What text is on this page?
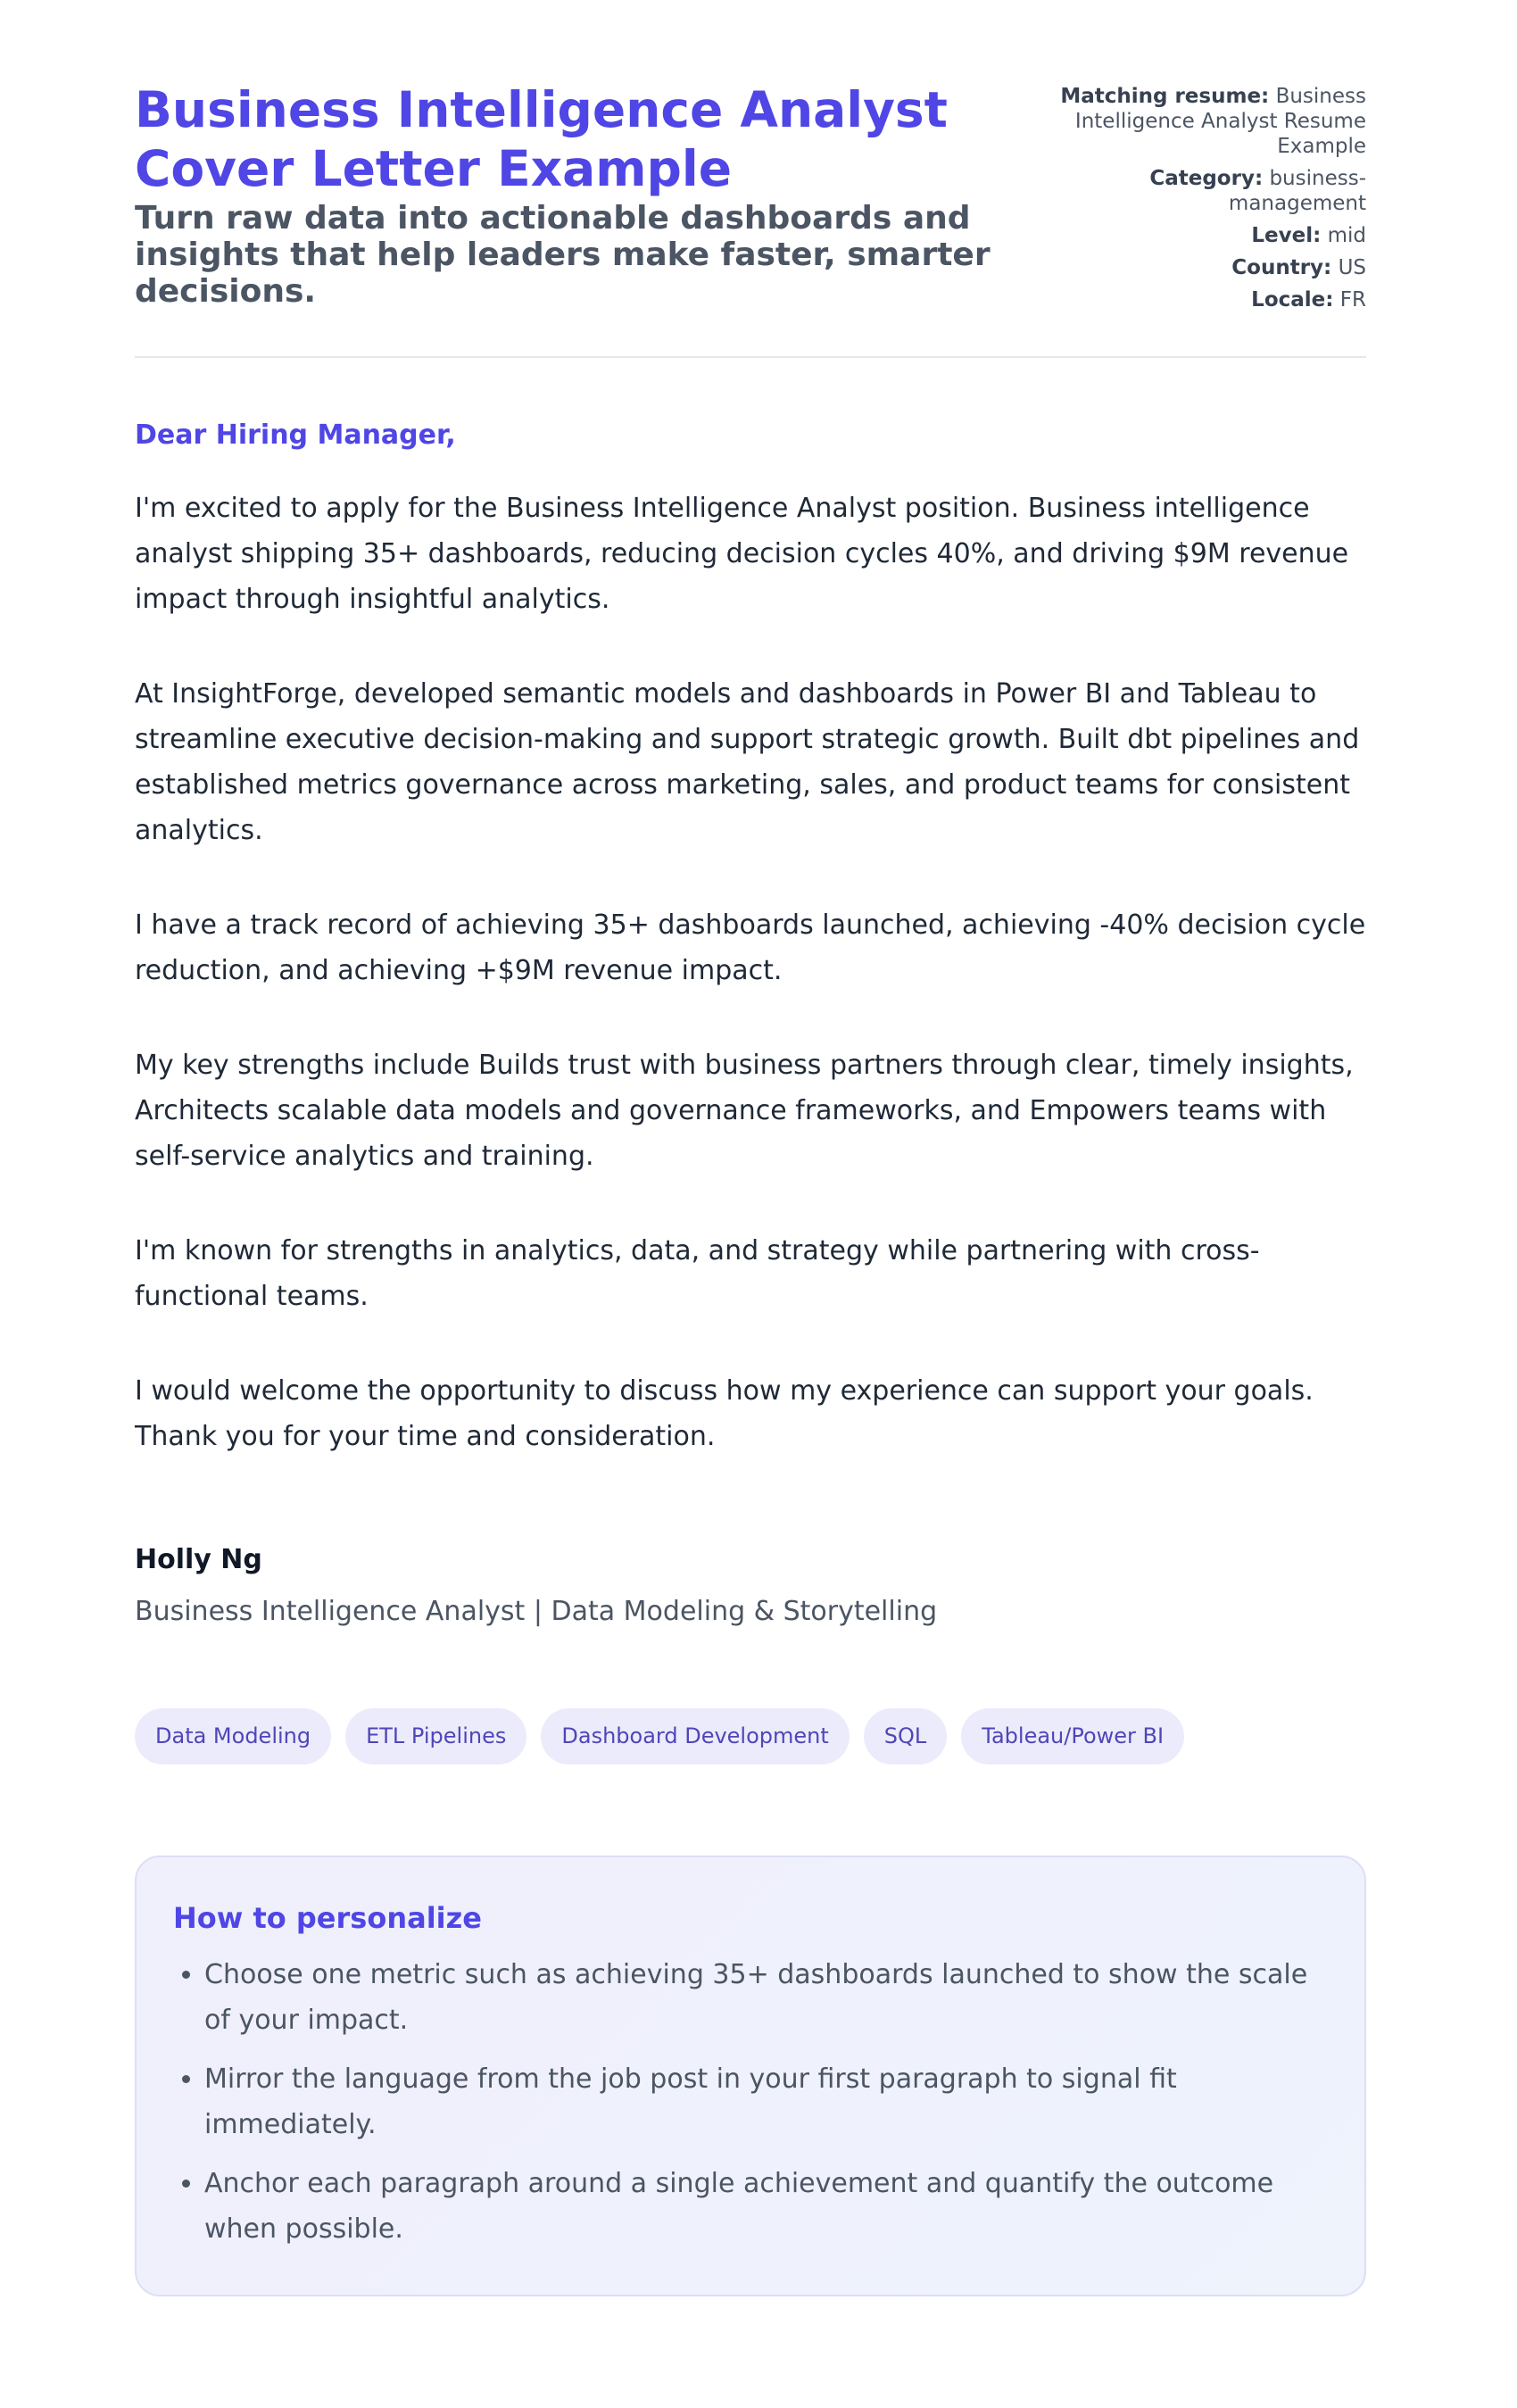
Business Intelligence Analyst Cover Letter Example

Turn raw data into actionable dashboards and insights that help leaders make faster, smarter decisions.

Matching resume: Business Intelligence Analyst Resume Example
Category: business-management
Level: mid
Country: US
Locale: FR

Dear Hiring Manager,

I'm excited to apply for the Business Intelligence Analyst position. Business intelligence analyst shipping 35+ dashboards, reducing decision cycles 40%, and driving $9M revenue impact through insightful analytics.

At InsightForge, developed semantic models and dashboards in Power BI and Tableau to streamline executive decision-making and support strategic growth. Built dbt pipelines and established metrics governance across marketing, sales, and product teams for consistent analytics.

I have a track record of achieving 35+ dashboards launched, achieving -40% decision cycle reduction, and achieving +$9M revenue impact.

My key strengths include Builds trust with business partners through clear, timely insights, Architects scalable data models and governance frameworks, and Empowers teams with self-service analytics and training.

I'm known for strengths in analytics, data, and strategy while partnering with cross-functional teams.

I would welcome the opportunity to discuss how my experience can support your goals. Thank you for your time and consideration.

Holly Ng

Business Intelligence Analyst | Data Modeling & Storytelling

Data Modeling	ETL Pipelines	Dashboard Development	SQL	Tableau/Power BI
How to personalize
• Choose one metric such as achieving 35+ dashboards launched to show the scale of your impact.
• Mirror the language from the job post in your first paragraph to signal fit immediately.
• Anchor each paragraph around a single achievement and quantify the outcome when possible.
